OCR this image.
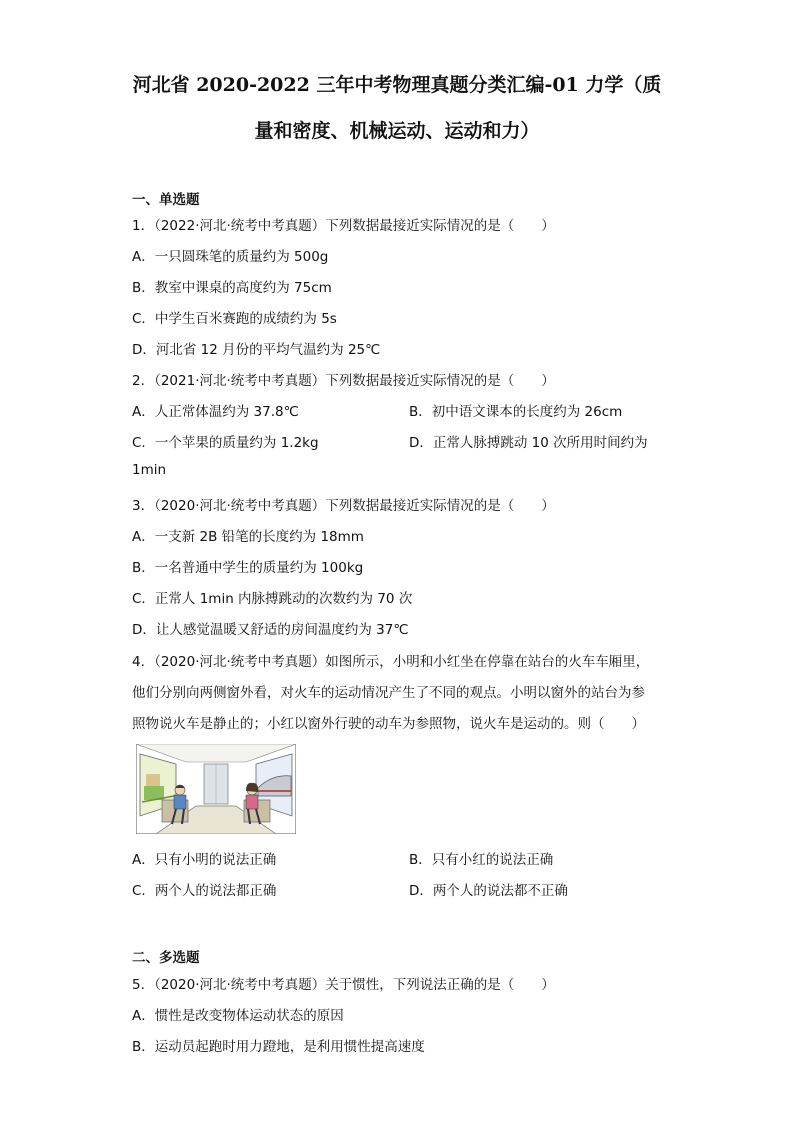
河北省 2020-2022 三年中考物理真题分类汇编-01 力学（质
量和密度、机械运动、运动和力）
一、单选题
1．（2022·河北·统考中考真题）下列数据最接近实际情况的是（　　）
A．一只圆珠笔的质量约为 500g
B．教室中课桌的高度约为 75cm
C．中学生百米赛跑的成绩约为 5s
D．河北省 12 月份的平均气温约为 25℃
2．（2021·河北·统考中考真题）下列数据最接近实际情况的是（　　）
A．人正常体温约为 37.8℃	B．初中语文课本的长度约为 26cm
C．一个苹果的质量约为 1.2kg	D．正常人脉搏跳动 10 次所用时间约为
1min
3．（2020·河北·统考中考真题）下列数据最接近实际情况的是（　　）
A．一支新 2B 铅笔的长度约为 18mm
B．一名普通中学生的质量约为 100kg
C．正常人 1min 内脉搏跳动的次数约为 70 次
D．让人感觉温暖又舒适的房间温度约为 37℃
4．（2020·河北·统考中考真题）如图所示，小明和小红坐在停靠在站台的火车车厢里，
他们分别向两侧窗外看，对火车的运动情况产生了不同的观点。小明以窗外的站台为参
照物说火车是静止的；小红以窗外行驶的动车为参照物，说火车是运动的。则（　　）
A．只有小明的说法正确	B．只有小红的说法正确
C．两个人的说法都正确	D．两个人的说法都不正确
二、多选题
5．（2020·河北·统考中考真题）关于惯性，下列说法正确的是（　　）
A．惯性是改变物体运动状态的原因
B．运动员起跑时用力蹬地，是利用惯性提高速度
